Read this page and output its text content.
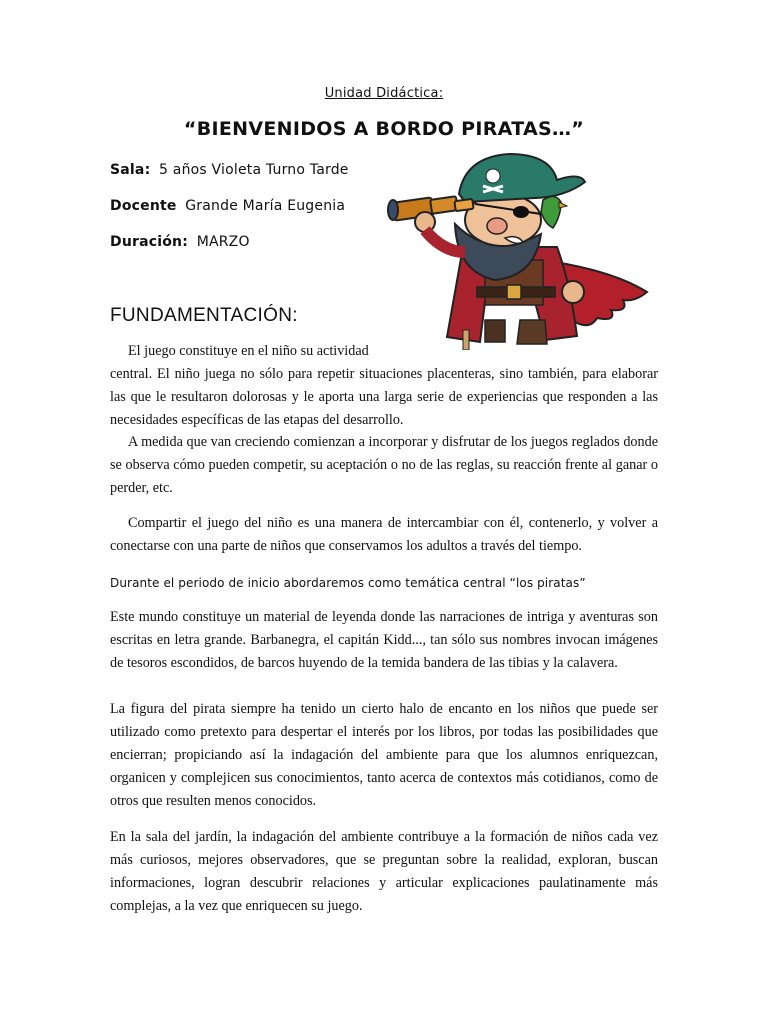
Unidad Didáctica:
“BIENVENIDOS A BORDO PIRATAS…”
Sala: 5 años Violeta Turno Tarde
Docente Grande María Eugenia
Duración: MARZO
FUNDAMENTACIÓN:
El juego constituye en el niño su actividad
central. El niño juega no sólo para repetir situaciones placenteras, sino también, para elaborar las que le resultaron dolorosas y le aporta una larga serie de experiencias que responden a las necesidades específicas de las etapas del desarrollo.
A medida que van creciendo comienzan a incorporar y disfrutar de los juegos reglados donde se observa cómo pueden competir, su aceptación o no de las reglas, su reacción frente al ganar o perder, etc.
Compartir el juego del niño es una manera de intercambiar con él, contenerlo, y volver a conectarse con una parte de niños que conservamos los adultos a través del tiempo.
Durante el periodo de inicio abordaremos como temática central “los piratas”
Este mundo constituye un material de leyenda donde las narraciones de intriga y aventuras son escritas en letra grande. Barbanegra, el capitán Kidd..., tan sólo sus nombres invocan imágenes de tesoros escondidos, de barcos huyendo de la temida bandera de las tibias y la calavera.
La figura del pirata siempre ha tenido un cierto halo de encanto en los niños que puede ser utilizado como pretexto para despertar el interés por los libros, por todas las posibilidades que encierran; propiciando así la indagación del ambiente para que los alumnos enriquezcan, organicen y complejicen sus conocimientos, tanto acerca de contextos más cotidianos, como de otros que resulten menos conocidos.
En la sala del jardín, la indagación del ambiente contribuye a la formación de niños cada vez más curiosos, mejores observadores, que se preguntan sobre la realidad, exploran, buscan informaciones, logran descubrir relaciones y articular explicaciones paulatinamente más complejas, a la vez que enriquecen su juego.
